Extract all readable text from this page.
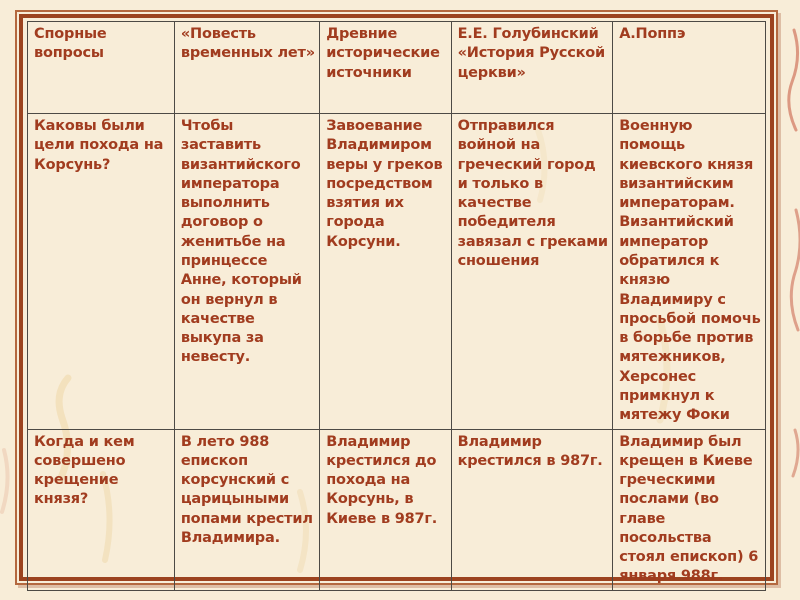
Спорные вопросы	«Повесть временных лет»	Древние исторические источники	Е.Е. Голубинский «История Русской церкви»	А.Поппэ
Каковы были цели похода на Корсунь?	Чтобы заставить византийского императора выполнить договор о женитьбе на принцессе Анне, который он вернул в качестве выкупа за невесту.	Завоевание Владимиром веры у греков посредством взятия их города Корсуни.	Отправился войной на греческий город и только в качестве победителя завязал с греками сношения	Военную помощь киевского князя византийским императорам. Византийский император обратился к князю Владимиру с просьбой помочь в борьбе против мятежников, Херсонес примкнул к мятежу Фоки
Когда и кем совершено крещение князя?	В лето 988 епископ корсунский с царицыными попами крестил Владимира.	Владимир крестился до похода на Корсунь, в Киеве в 987г.	Владимир крестился в 987г.	Владимир был крещен в Киеве греческими послами (во главе посольства стоял епископ) 6 января 988г.
